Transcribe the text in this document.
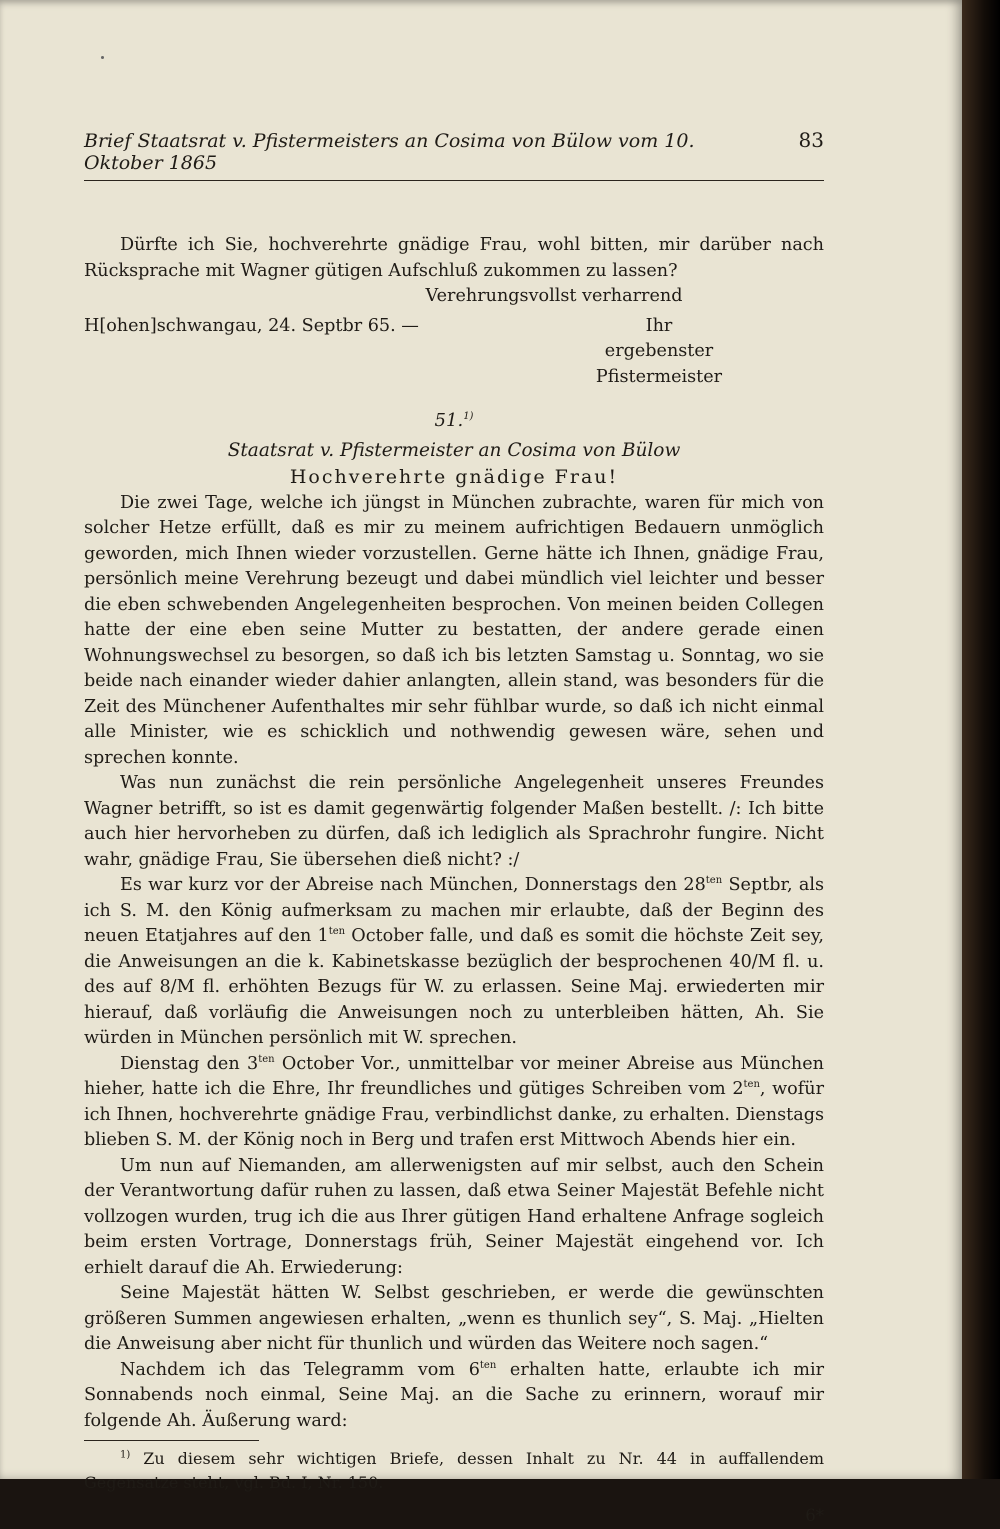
Brief Staatsrat v. Pfistermeisters an Cosima von Bülow vom 10. Oktober 1865
83

Dürfte ich Sie, hochverehrte gnädige Frau, wohl bitten, mir darüber nach Rücksprache mit Wagner gütigen Aufschluß zukommen zu lassen?

Verehrungsvollst verharrend
H[ohen]schwangau, 24. Septbr 65. —	Ihr
ergebenster
Pfistermeister
51.$^{1)}$
Staatsrat v. Pfistermeister an Cosima von Bülow
Hochverehrte gnädige Frau!

Die zwei Tage, welche ich jüngst in München zubrachte, waren für mich von solcher Hetze erfüllt, daß es mir zu meinem aufrichtigen Bedauern unmöglich geworden, mich Ihnen wieder vorzustellen. Gerne hätte ich Ihnen, gnädige Frau, persönlich meine Verehrung bezeugt und dabei mündlich viel leichter und besser die eben schwebenden Angelegenheiten besprochen. Von meinen beiden Collegen hatte der eine eben seine Mutter zu bestatten, der andere gerade einen Wohnungswechsel zu besorgen, so daß ich bis letzten Samstag u. Sonntag, wo sie beide nach einander wieder dahier anlangten, allein stand, was besonders für die Zeit des Münchener Aufenthaltes mir sehr fühlbar wurde, so daß ich nicht einmal alle Minister, wie es schicklich und nothwendig gewesen wäre, sehen und sprechen konnte.

Was nun zunächst die rein persönliche Angelegenheit unseres Freundes Wagner betrifft, so ist es damit gegenwärtig folgender Maßen bestellt. /: Ich bitte auch hier hervorheben zu dürfen, daß ich lediglich als Sprachrohr fungire. Nicht wahr, gnädige Frau, Sie übersehen dieß nicht? :/

Es war kurz vor der Abreise nach München, Donnerstags den $28^{ten}$ Septbr, als ich S. M. den König aufmerksam zu machen mir erlaubte, daß der Beginn des neuen Etatjahres auf den $1^{ten}$ October falle, und daß es somit die höchste Zeit sey, die Anweisungen an die k. Kabinetskasse bezüglich der besprochenen 40/M fl. u. des auf 8/M fl. erhöhten Bezugs für W. zu erlassen. Seine Maj. erwiederten mir hierauf, daß vorläufig die Anweisungen noch zu unterbleiben hätten, Ah. Sie würden in München persönlich mit W. sprechen.

Dienstag den $3^{ten}$ October Vor., unmittelbar vor meiner Abreise aus München hieher, hatte ich die Ehre, Ihr freundliches und gütiges Schreiben vom $2^{ten}$, wofür ich Ihnen, hochverehrte gnädige Frau, verbindlichst danke, zu erhalten. Dienstags blieben S. M. der König noch in Berg und trafen erst Mittwoch Abends hier ein.

Um nun auf Niemanden, am allerwenigsten auf mir selbst, auch den Schein der Verantwortung dafür ruhen zu lassen, daß etwa Seiner Majestät Befehle nicht vollzogen wurden, trug ich die aus Ihrer gütigen Hand erhaltene Anfrage sogleich beim ersten Vortrage, Donnerstags früh, Seiner Majestät eingehend vor. Ich erhielt darauf die Ah. Erwiederung:

Seine Majestät hätten W. Selbst geschrieben, er werde die gewünschten größeren Summen angewiesen erhalten, „wenn es thunlich sey“, S. Maj. „Hielten die Anweisung aber nicht für thunlich und würden das Weitere noch sagen.“

Nachdem ich das Telegramm vom $6^{ten}$ erhalten hatte, erlaubte ich mir Sonnabends noch einmal, Seine Maj. an die Sache zu erinnern, worauf mir folgende Ah. Äußerung ward:

$^{1)}$ Zu diesem sehr wichtigen Briefe, dessen Inhalt zu Nr. 44 in auffallendem Gegensatze steht, vgl. Bd. I, Nr. 150.

6*
